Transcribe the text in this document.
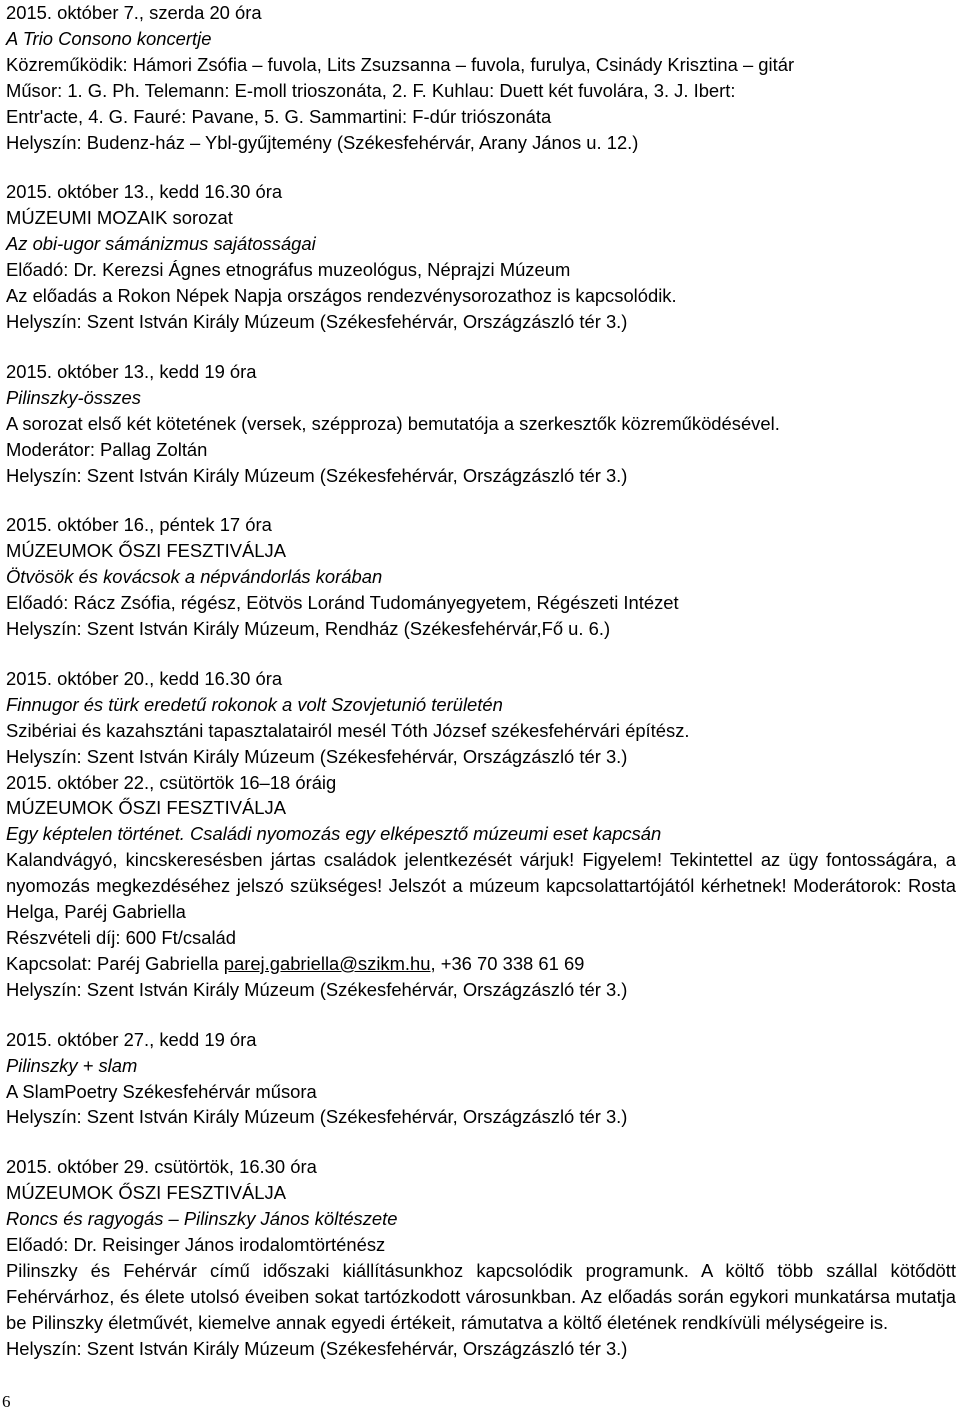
2015. október 7., szerda 20 óra
A Trio Consono koncertje
Közreműködik: Hámori Zsófia – fuvola, Lits Zsuzsanna – fuvola, furulya, Csinády Krisztina – gitár
Műsor: 1. G. Ph. Telemann: E-moll trioszonáta, 2. F. Kuhlau: Duett két fuvolára, 3. J. Ibert:
Entr'acte, 4. G. Fauré: Pavane, 5. G. Sammartini: F-dúr triószonáta
Helyszín: Budenz-ház – Ybl-gyűjtemény (Székesfehérvár, Arany János u. 12.)
2015. október 13., kedd 16.30 óra
MÚZEUMI MOZAIK sorozat
Az obi-ugor sámánizmus sajátosságai
Előadó: Dr. Kerezsi Ágnes etnográfus muzeológus, Néprajzi Múzeum
Az előadás a Rokon Népek Napja országos rendezvénysorozathoz is kapcsolódik.
Helyszín: Szent István Király Múzeum (Székesfehérvár, Országzászló tér 3.)
2015. október 13., kedd 19 óra
Pilinszky-összes
A sorozat első két kötetének (versek, szépproza) bemutatója a szerkesztők közreműködésével.
Moderátor: Pallag Zoltán
Helyszín: Szent István Király Múzeum (Székesfehérvár, Országzászló tér 3.)
2015. október 16., péntek 17 óra
MÚZEUMOK ŐSZI FESZTIVÁLJA
Ötvösök és kovácsok a népvándorlás korában
Előadó: Rácz Zsófia, régész, Eötvös Loránd Tudományegyetem, Régészeti Intézet
Helyszín: Szent István Király Múzeum, Rendház (Székesfehérvár,Fő u. 6.)
2015. október 20., kedd 16.30 óra
Finnugor és türk eredetű rokonok a volt Szovjetunió területén
Szibériai és kazahsztáni tapasztalatairól mesél Tóth József székesfehérvári építész.
Helyszín: Szent István Király Múzeum (Székesfehérvár, Országzászló tér 3.)
2015. október 22., csütörtök 16–18 óráig
MÚZEUMOK ŐSZI FESZTIVÁLJA
Egy képtelen történet. Családi nyomozás egy elképesztő múzeumi eset kapcsán
Kalandvágyó, kincskeresésben jártas családok jelentkezését várjuk! Figyelem! Tekintettel az ügy fontosságára, a nyomozás megkezdéséhez jelszó szükséges! Jelszót a múzeum kapcsolattartójától kérhetnek! Moderátorok: Rosta Helga, Paréj Gabriella
Részvételi díj: 600 Ft/család
Kapcsolat: Paréj Gabriella parej.gabriella@szikm.hu, +36 70 338 61 69
Helyszín: Szent István Király Múzeum (Székesfehérvár, Országzászló tér 3.)
2015. október 27., kedd 19 óra
Pilinszky + slam
A SlamPoetry Székesfehérvár műsora
Helyszín: Szent István Király Múzeum (Székesfehérvár, Országzászló tér 3.)
2015. október 29. csütörtök, 16.30 óra
MÚZEUMOK ŐSZI FESZTIVÁLJA
Roncs és ragyogás – Pilinszky János költészete
Előadó: Dr. Reisinger János irodalomtörténész
Pilinszky és Fehérvár című időszaki kiállításunkhoz kapcsolódik programunk. A költő több szállal kötődött Fehérvárhoz, és élete utolsó éveiben sokat tartózkodott városunkban. Az előadás során egykori munkatársa mutatja be Pilinszky életművét, kiemelve annak egyedi értékeit, rámutatva a költő életének rendkívüli mélységeire is.
Helyszín: Szent István Király Múzeum (Székesfehérvár, Országzászló tér 3.)
6
